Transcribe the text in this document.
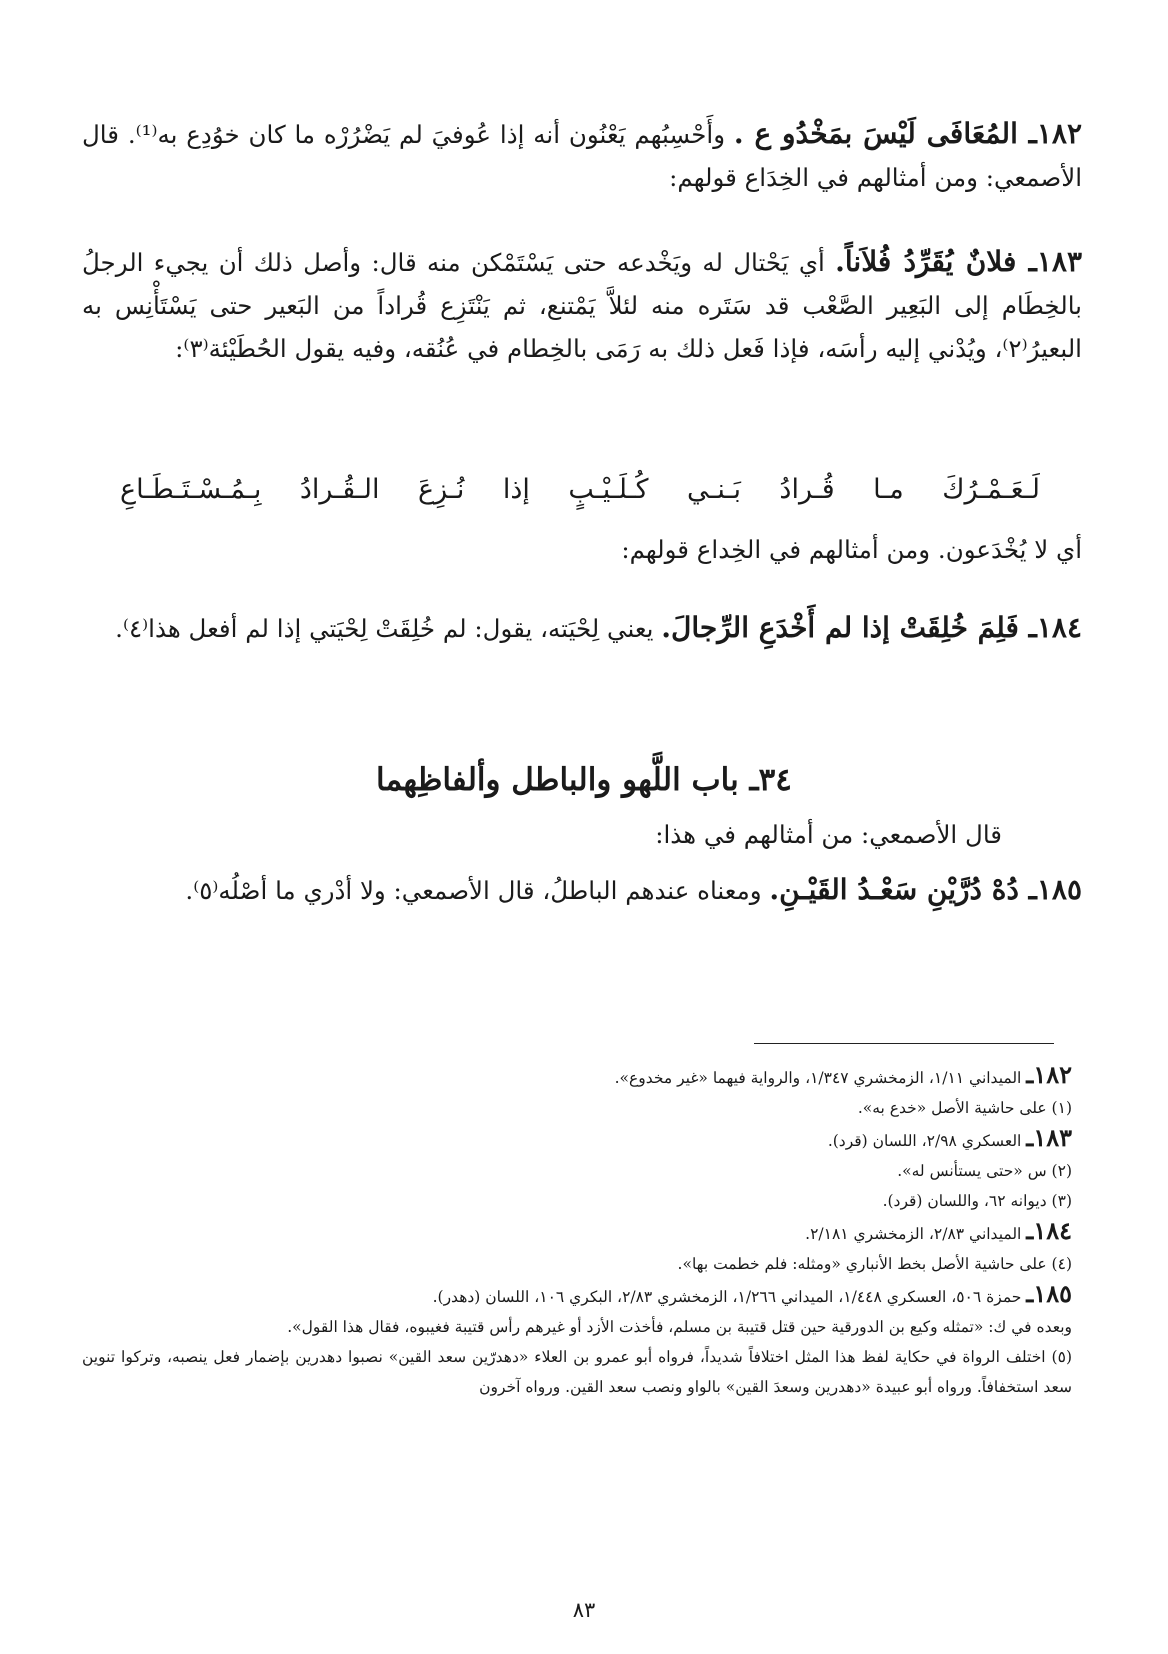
١٨٢ـ المُعَافَى لَيْسَ بمَخْدُو ع . وأَحْسِبُهم يَعْنُون أنه إذا عُوفيَ لم يَضْرُرْه ما كان خوُدِع به⁽¹⁾. قال الأصمعي: ومن أمثالهم في الخِدَاع قولهم:

١٨٣ـ فلانٌ يُقَرِّدُ فُلاَناً. أي يَحْتال له ويَخْدعه حتى يَسْتَمْكن منه قال: وأصل ذلك أن يجيء الرجلُ بالخِطَام إلى البَعِير الصَّعْب قد سَتَره منه لئلاَّ يَمْتنع، ثم يَنْتَزِع قُراداً من البَعير حتى يَسْتَأْنِس به البعيرُ⁽٢⁾، ويُدْني إليه رأسَه، فإذا فَعل ذلك به رَمَى بالخِطام في عُنُقه، وفيه يقول الحُطَيْئة⁽٣⁾:

لَـعَـمْـرُكَ
مـا
قُـرادُ
بَـنـي
كُـلَـيْـبٍ
إذا
نُـزِعَ
الـقُـرادُ
بِـمُـسْـتَـطَـاعِ

أي لا يُخْدَعون. ومن أمثالهم في الخِداع قولهم:

١٨٤ـ فَلِمَ خُلِقَتْ إذا لم أَخْدَعِ الرِّجالَ. يعني لِحْيَته، يقول: لم خُلِقَتْ لِحْيَتي إذا لم أفعل هذا⁽٤⁾.

٣٤ـ باب اللَّهو والباطل وألفاظِهما

قال الأصمعي: من أمثالهم في هذا:

١٨٥ـ دُهْ دُرَّيْنِ سَعْـدُ القَيْـنِ. ومعناه عندهم الباطلُ، قال الأصمعي: ولا أدْري ما أصْلُه⁽٥⁾.

١٨٢ـ الميداني ١/١١، الزمخشري ١/٣٤٧، والرواية فيهما «غير مخدوع».

(١) على حاشية الأصل «خدع به».

١٨٣ـ العسكري ٢/٩٨، اللسان (قرد).

(٢) س «حتى يستأنس له».

(٣) ديوانه ٦٢، واللسان (قرد).

١٨٤ـ الميداني ٢/٨٣، الزمخشري ٢/١٨١.

(٤) على حاشية الأصل بخط الأنباري «ومثله: فلم خطمت بها».

١٨٥ـ حمزة ٥٠٦، العسكري ١/٤٤٨، الميداني ١/٢٦٦، الزمخشري ٢/٨٣، البكري ١٠٦، اللسان (دهدر).

وبعده في ك: «تمثله وكيع بن الدورقية حين قتل قتيبة بن مسلم، فأخذت الأزد أو غيرهم رأس قتيبة فغيبوه، فقال هذا القول».

(٥) اختلف الرواة في حكاية لفظ هذا المثل اختلافاً شديداً، فرواه أبو عمرو بن العلاء «دهدرّين سعد القين» نصبوا دهدرين بإضمار فعل ينصبه، وتركوا تنوين سعد استخفافاً. ورواه أبو عبيدة «دهدرين وسعدَ القين» بالواو ونصب سعد القين. ورواه آخرون

٨٣
